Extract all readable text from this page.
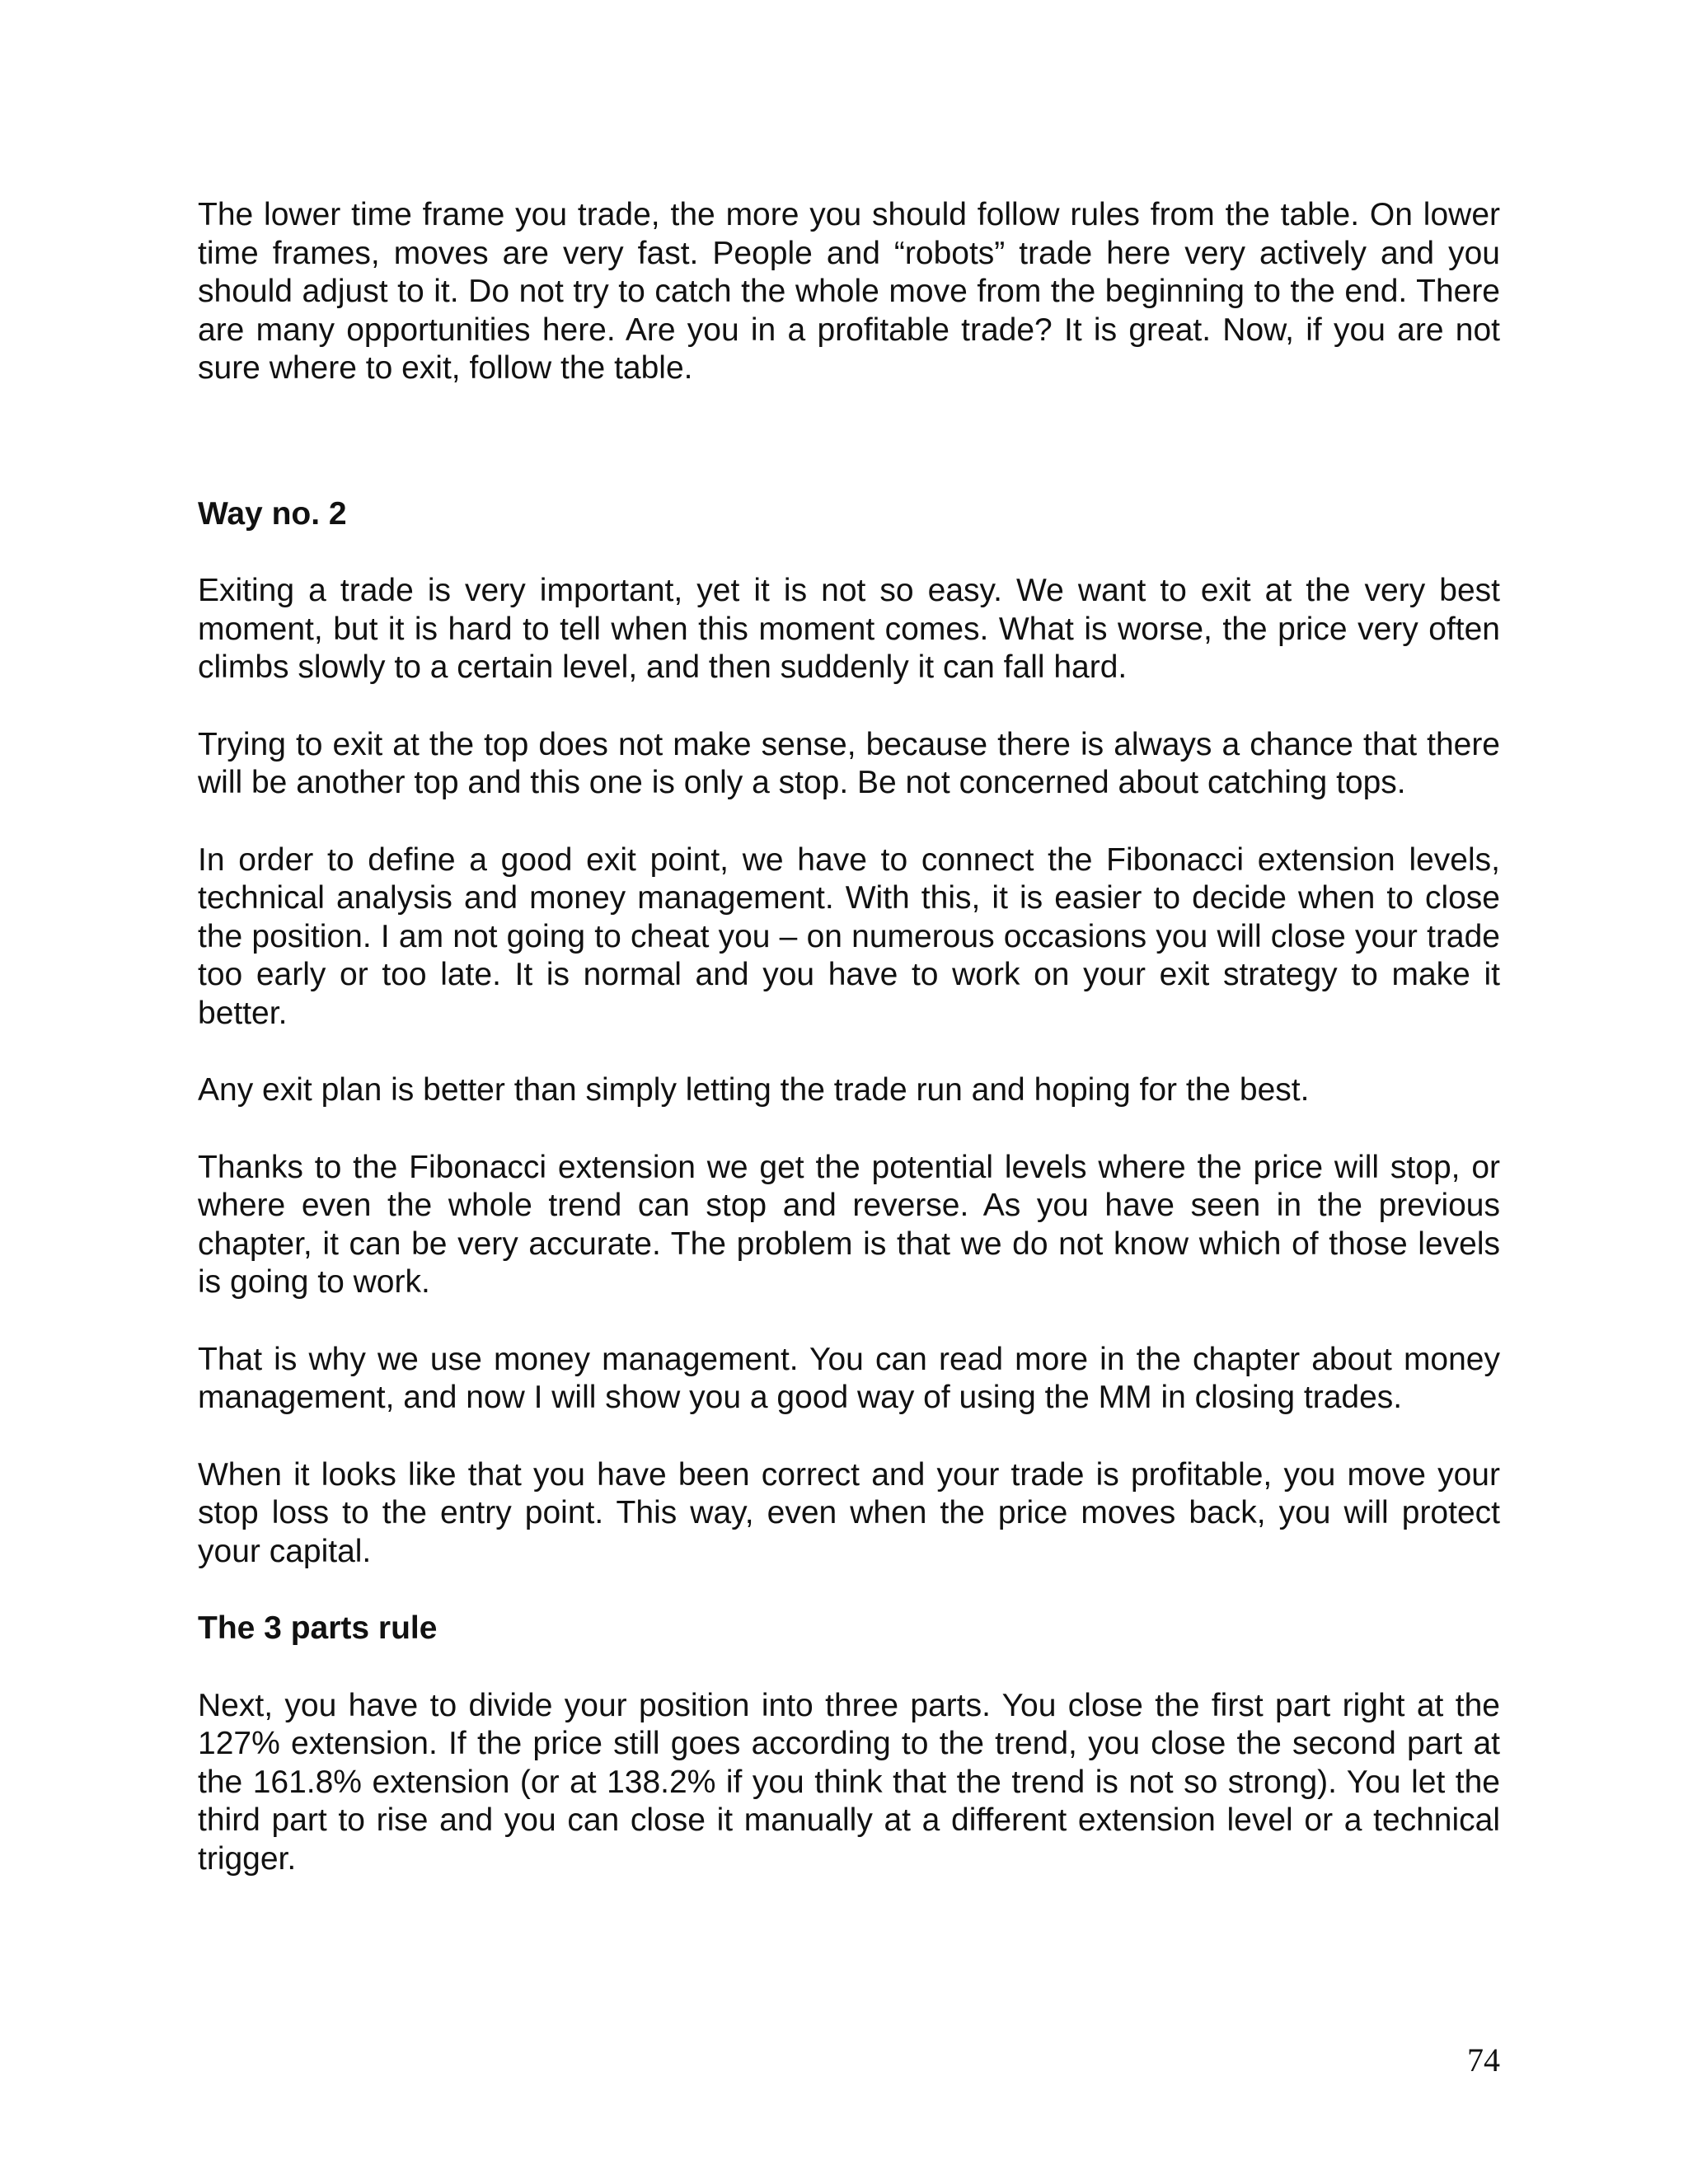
The lower time frame you trade, the more you should follow rules from the table. On lower time frames, moves are very fast. People and “robots” trade here very actively and you should adjust to it. Do not try to catch the whole move from the beginning to the end. There are many opportunities here. Are you in a profitable trade? It is great. Now, if you are not sure where to exit, follow the table.

Way no. 2

Exiting a trade is very important, yet it is not so easy. We want to exit at the very best moment, but it is hard to tell when this moment comes. What is worse, the price very often climbs slowly to a certain level, and then suddenly it can fall hard.

Trying to exit at the top does not make sense, because there is always a chance that there will be another top and this one is only a stop. Be not concerned about catching tops.

In order to define a good exit point, we have to connect the Fibonacci extension levels, technical analysis and money management. With this, it is easier to decide when to close the position. I am not going to cheat you – on numerous occasions you will close your trade too early or too late. It is normal and you have to work on your exit strategy to make it better.

Any exit plan is better than simply letting the trade run and hoping for the best.

Thanks to the Fibonacci extension we get the potential levels where the price will stop, or where even the whole trend can stop and reverse. As you have seen in the previous chapter, it can be very accurate. The problem is that we do not know which of those levels is going to work.

That is why we use money management. You can read more in the chapter about money management, and now I will show you a good way of using the MM in closing trades.

When it looks like that you have been correct and your trade is profitable, you move your stop loss to the entry point. This way, even when the price moves back, you will protect your capital.

The 3 parts rule

Next, you have to divide your position into three parts. You close the first part right at the 127% extension. If the price still goes according to the trend, you close the second part at the 161.8% extension (or at 138.2% if you think that the trend is not so strong). You let the third part to rise and you can close it manually at a different extension level or a technical trigger.

74
